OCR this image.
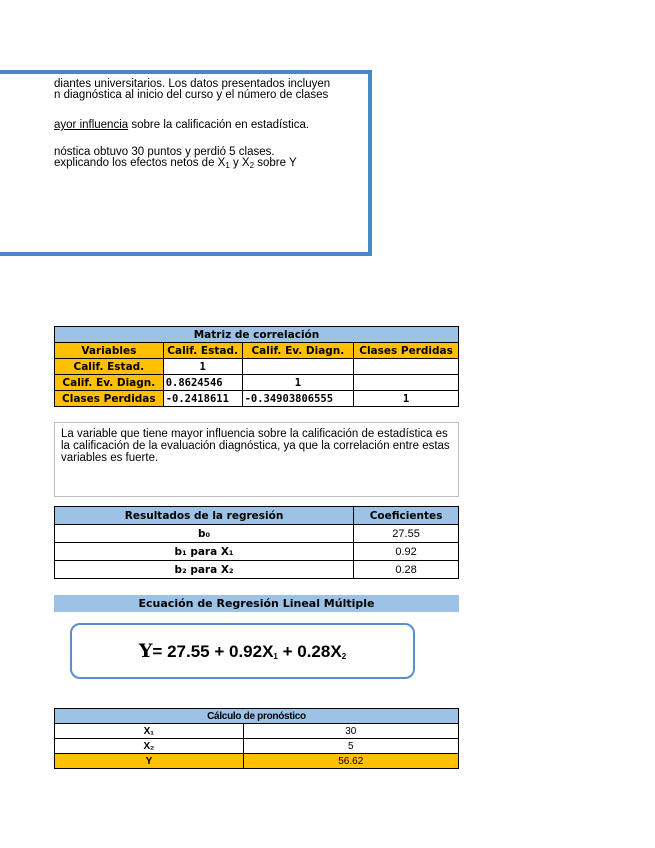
diantes universitarios. Los datos presentados incluyen
n diagnóstica al inicio del curso y el número de clases
ayor influencia sobre la calificación en estadística.
nóstica obtuvo 30 puntos y perdió 5 clases.
explicando los efectos netos de $X_1$ y $X_2$ sobre Y
Matriz de correlación			
Variables	Calif. Estad.	Calif. Ev. Diagn.	Clases Perdidas
Calif. Estad.	1		
Calif. Ev. Diagn.	0.8624546	1	
Clases Perdidas	-0.2418611	-0.34903806555	1
La variable que tiene mayor influencia sobre la calificación de estadística es la calificación de la evaluación diagnóstica, ya que la correlación entre estas variables es fuerte.
Resultados de la regresión	Coeficientes
b₀	27.55
b₁ para X₁	0.92
b₂ para X₂	0.28
Ecuación de Regresión Lineal Múltiple
$Y= 27.55 + 0.92X_1 + 0.28X_2$
Cálculo de pronóstico	
X₁	30
X₂	5
Y	56.62
